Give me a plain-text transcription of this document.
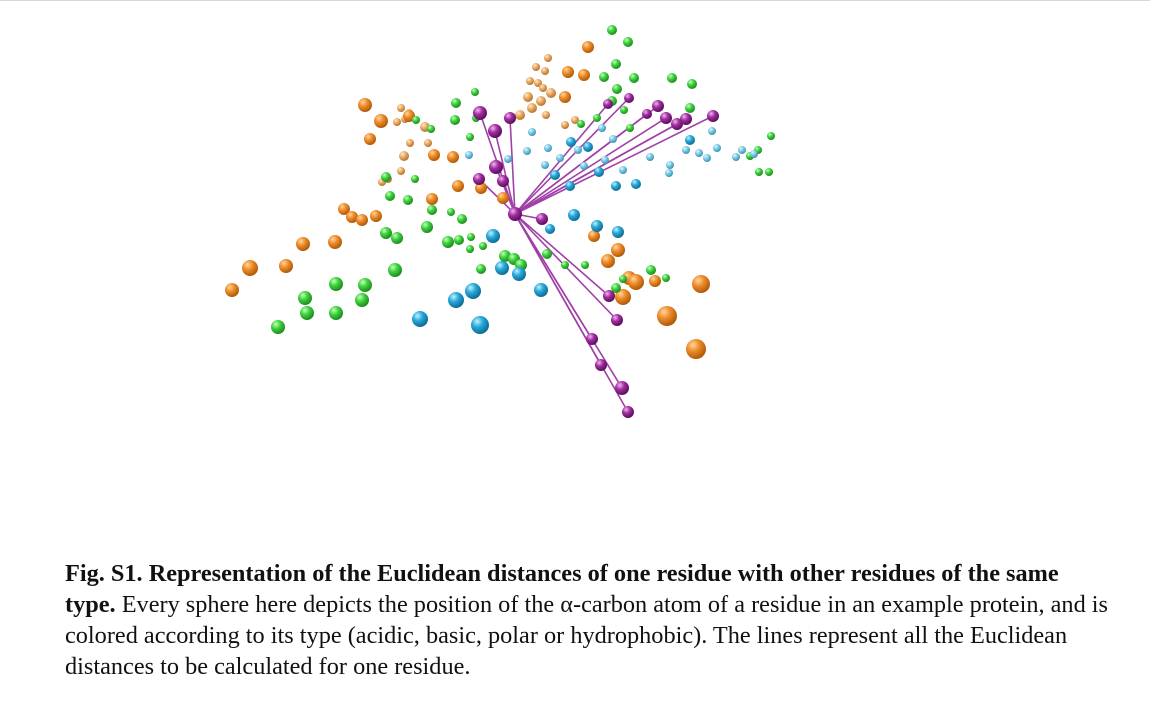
Fig. S1. Representation of the Euclidean distances of one residue with other residues of the same type. Every sphere here depicts the position of the α-carbon atom of a residue in an example protein, and is colored according to its type (acidic, basic, polar or hydrophobic). The lines represent all the Euclidean distances to be calculated for one residue.
